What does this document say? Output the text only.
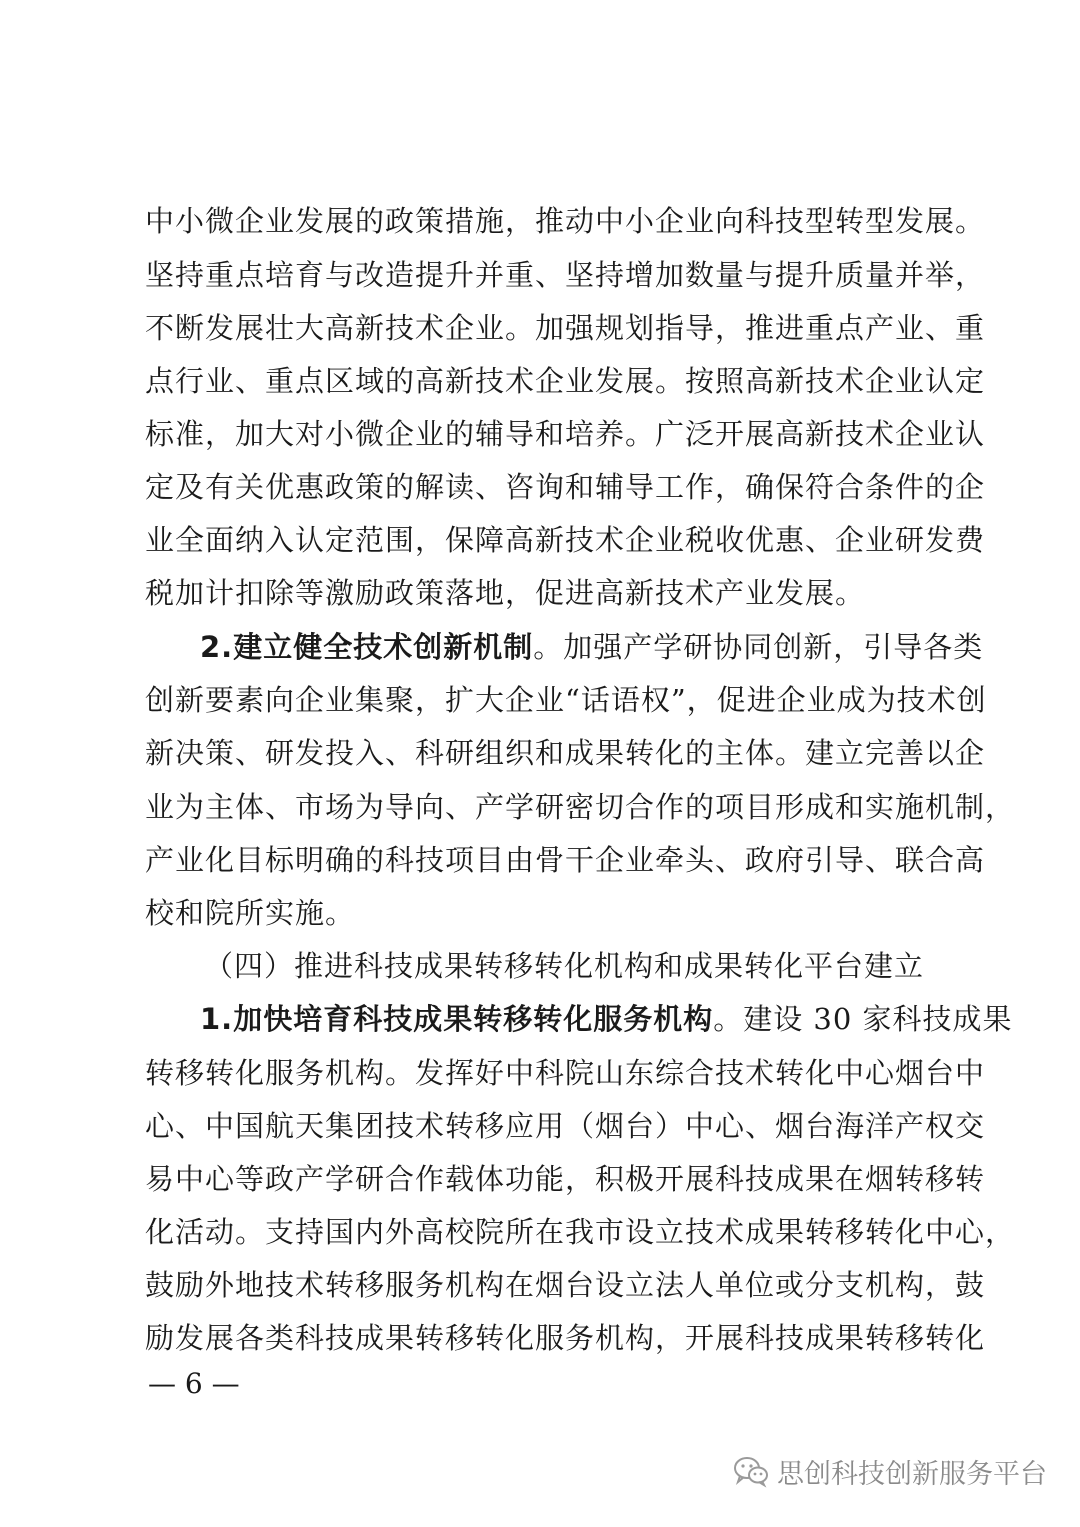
中小微企业发展的政策措施，推动中小企业向科技型转型发展。
坚持重点培育与改造提升并重、坚持增加数量与提升质量并举，
不断发展壮大高新技术企业。加强规划指导，推进重点产业、重
点行业、重点区域的高新技术企业发展。按照高新技术企业认定
标准，加大对小微企业的辅导和培养。广泛开展高新技术企业认
定及有关优惠政策的解读、咨询和辅导工作，确保符合条件的企
业全面纳入认定范围，保障高新技术企业税收优惠、企业研发费
税加计扣除等激励政策落地，促进高新技术产业发展。
2.建立健全技术创新机制。加强产学研协同创新，引导各类
创新要素向企业集聚，扩大企业“话语权”，促进企业成为技术创
新决策、研发投入、科研组织和成果转化的主体。建立完善以企
业为主体、市场为导向、产学研密切合作的项目形成和实施机制，
产业化目标明确的科技项目由骨干企业牵头、政府引导、联合高
校和院所实施。
（四）推进科技成果转移转化机构和成果转化平台建立
1.加快培育科技成果转移转化服务机构。建设 30 家科技成果
转移转化服务机构。发挥好中科院山东综合技术转化中心烟台中
心、中国航天集团技术转移应用（烟台）中心、烟台海洋产权交
易中心等政产学研合作载体功能，积极开展科技成果在烟转移转
化活动。支持国内外高校院所在我市设立技术成果转移转化中心，
鼓励外地技术转移服务机构在烟台设立法人单位或分支机构，鼓
励发展各类科技成果转移转化服务机构，开展科技成果转移转化
— 6 —
思创科技创新服务平台
